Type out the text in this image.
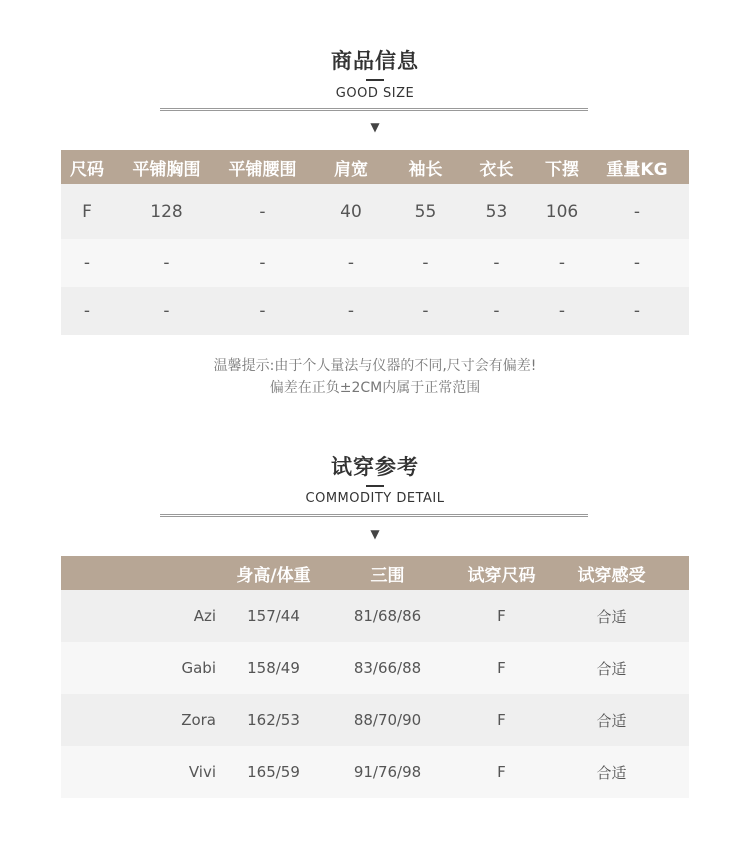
商品信息
GOOD SIZE
▼
尺码	平铺胸围	平铺腰围	肩宽	袖长	衣长	下摆	重量KG
F	128	-	40	55	53	106	-
-	-	-	-	-	-	-	-
-	-	-	-	-	-	-	-
温馨提示:由于个人量法与仪器的不同,尺寸会有偏差!
偏差在正负±2CM内属于正常范围
试穿参考
COMMODITY DETAIL
▼
	身高/体重	三围	试穿尺码	试穿感受	
Azi	157/44	81/68/86	F	合适	
Gabi	158/49	83/66/88	F	合适	
Zora	162/53	88/70/90	F	合适	
Vivi	165/59	91/76/98	F	合适	
